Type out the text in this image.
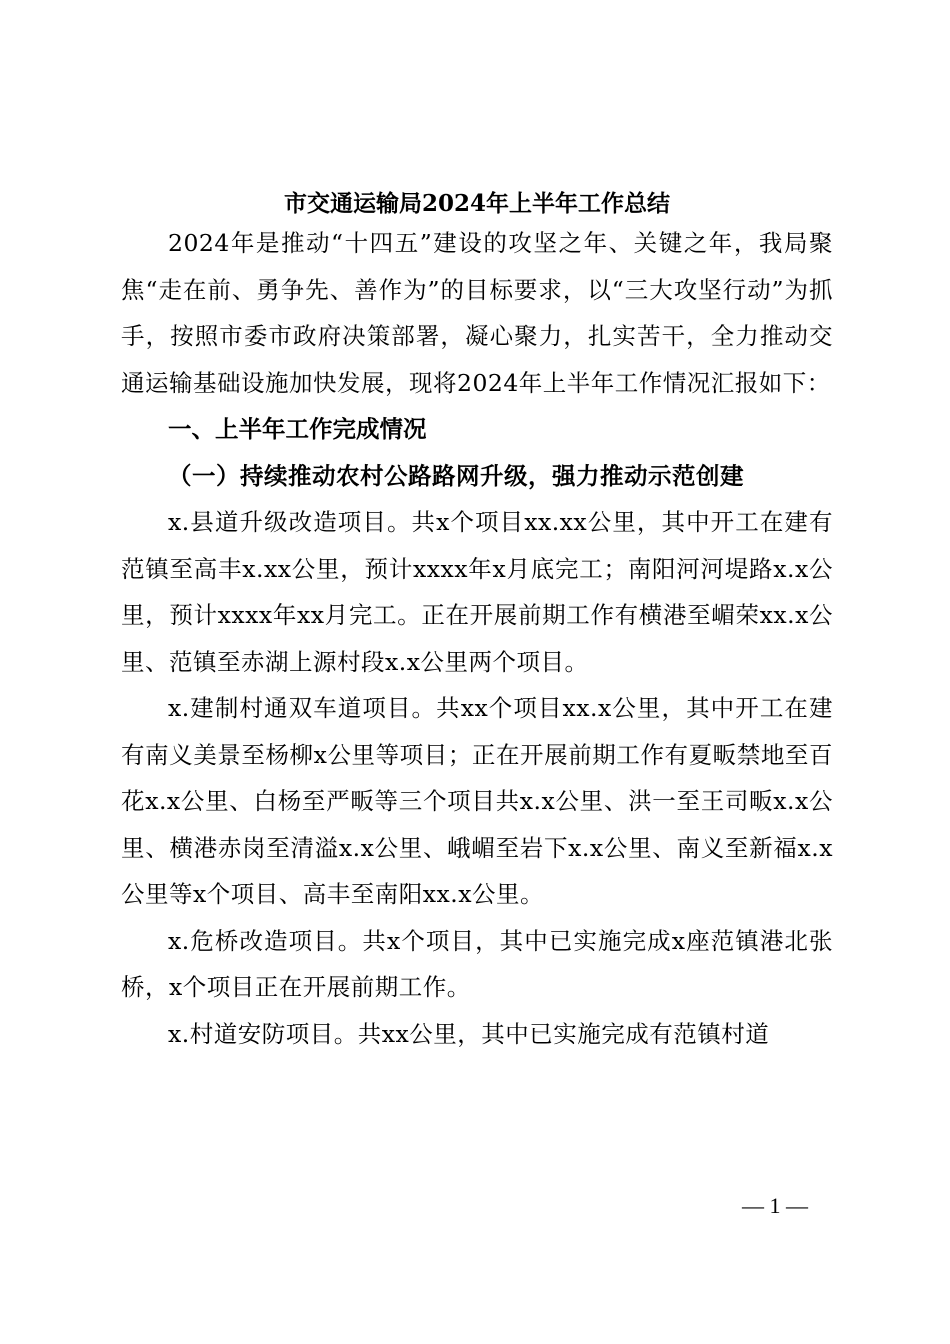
市交通运输局2024年上半年工作总结

2024年是推动“十四五”建设的攻坚之年、关键之年，我局聚焦“走在前、勇争先、善作为”的目标要求，以“三大攻坚行动”为抓手，按照市委市政府决策部署，凝心聚力，扎实苦干，全力推动交通运输基础设施加快发展，现将2024年上半年工作情况汇报如下：

一、上半年工作完成情况

（一）持续推动农村公路路网升级，强力推动示范创建

x.县道升级改造项目。共x个项目xx.xx公里，其中开工在建有范镇至高丰x.xx公里，预计xxxx年x月底完工；南阳河河堤路x.x公里，预计xxxx年xx月完工。正在开展前期工作有横港至嵋荣xx.x公里、范镇至赤湖上源村段x.x公里两个项目。

x.建制村通双车道项目。共xx个项目xx.x公里，其中开工在建有南义美景至杨柳x公里等项目；正在开展前期工作有夏畈禁地至百花x.x公里、白杨至严畈等三个项目共x.x公里、洪一至王司畈x.x公里、横港赤岗至清溢x.x公里、峨嵋至岩下x.x公里、南义至新福x.x公里等x个项目、高丰至南阳xx.x公里。

x.危桥改造项目。共x个项目，其中已实施完成x座范镇港北张桥，x个项目正在开展前期工作。

x.村道安防项目。共xx公里，其中已实施完成有范镇村道

— 1 —
